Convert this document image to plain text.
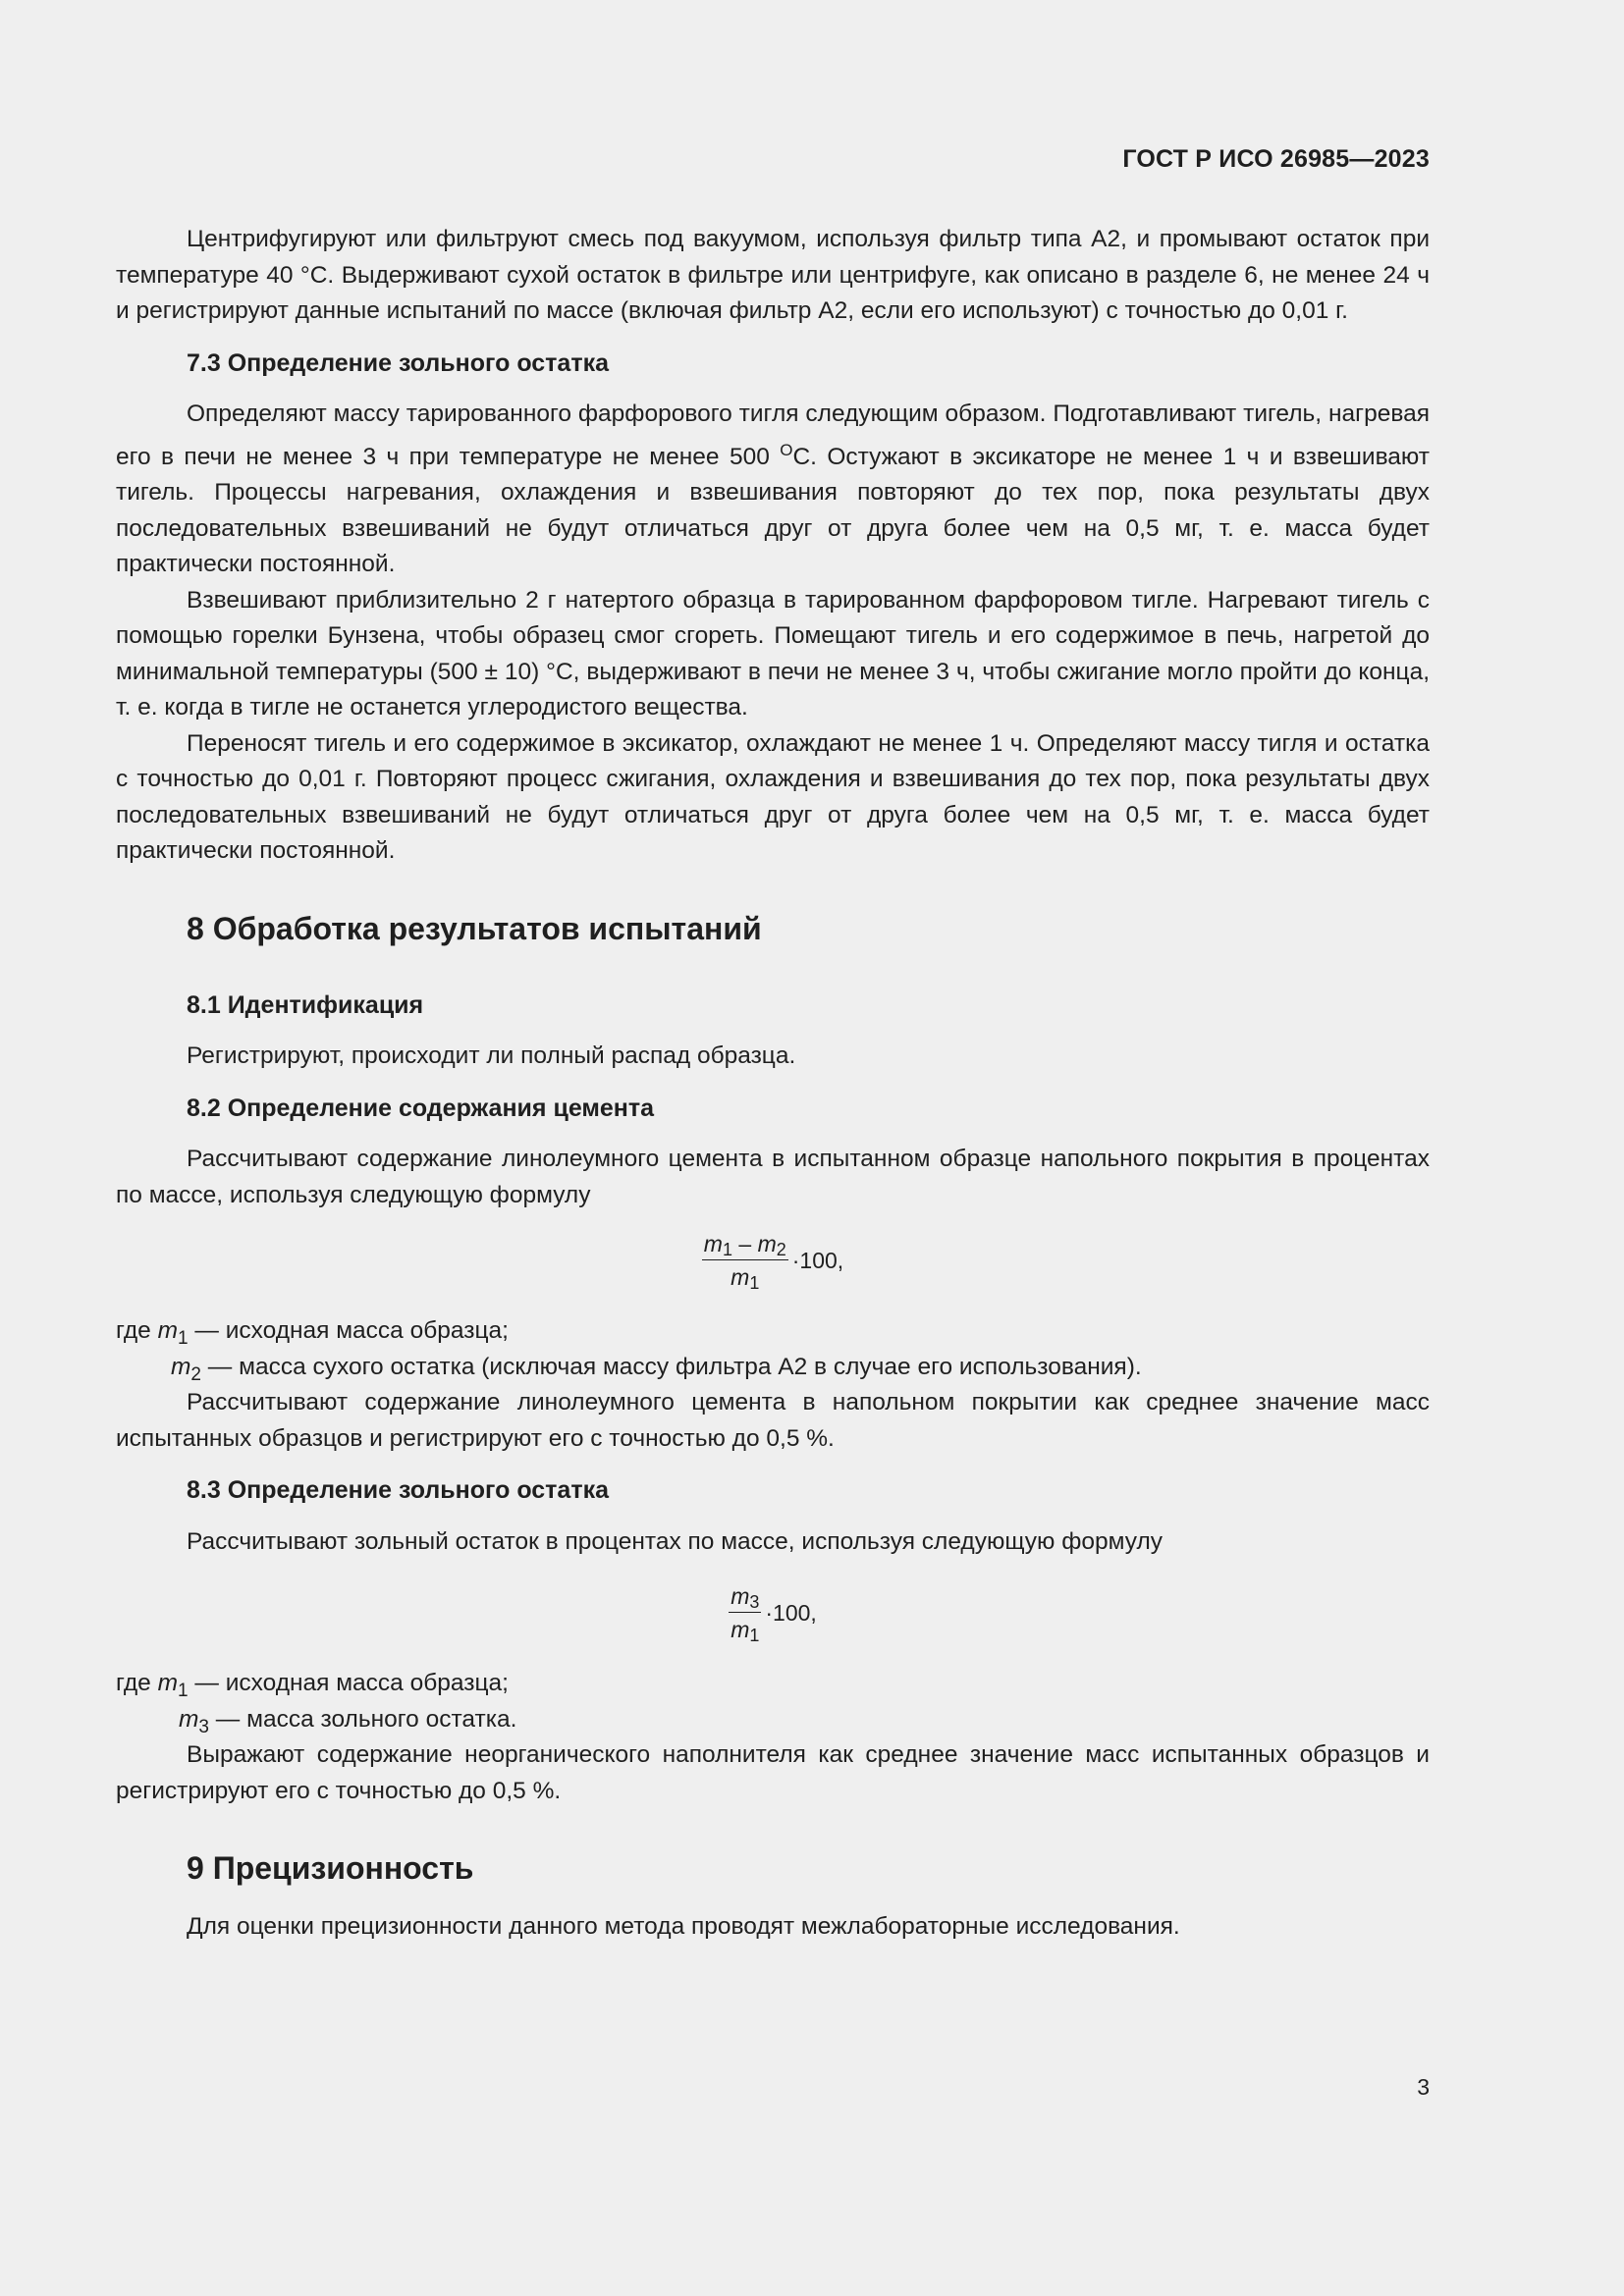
ГОСТ Р ИСО 26985—2023

Центрифугируют или фильтруют смесь под вакуумом, используя фильтр типа А2, и промывают остаток при температуре 40 °С. Выдерживают сухой остаток в фильтре или центрифуге, как описано в разделе 6, не менее 24 ч и регистрируют данные испытаний по массе (включая фильтр А2, если его используют) с точностью до 0,01 г.

7.3 Определение зольного остатка

Определяют массу тарированного фарфорового тигля следующим образом. Подготавливают тигель, нагревая его в печи не менее 3 ч при температуре не менее 500 $^О$С. Остужают в эксикаторе не менее 1 ч и взвешивают тигель. Процессы нагревания, охлаждения и взвешивания повторяют до тех пор, пока результаты двух последовательных взвешиваний не будут отличаться друг от друга более чем на 0,5 мг, т. е. масса будет практически постоянной.

Взвешивают приблизительно 2 г натертого образца в тарированном фарфоровом тигле. Нагревают тигель с помощью горелки Бунзена, чтобы образец смог сгореть. Помещают тигель и его содержимое в печь, нагретой до минимальной температуры (500 ± 10) °С, выдерживают в печи не менее 3 ч, чтобы сжигание могло пройти до конца, т. е. когда в тигле не останется углеродистого вещества.

Переносят тигель и его содержимое в эксикатор, охлаждают не менее 1 ч. Определяют массу тигля и остатка с точностью до 0,01 г. Повторяют процесс сжигания, охлаждения и взвешивания до тех пор, пока результаты двух последовательных взвешиваний не будут отличаться друг от друга более чем на 0,5 мг, т. е. масса будет практически постоянной.

8 Обработка результатов испытаний

8.1 Идентификация

Регистрируют, происходит ли полный распад образца.

8.2 Определение содержания цемента

Рассчитывают содержание линолеумного цемента в испытанном образце напольного покрытия в процентах по массе, используя следующую формулу

$\frac{m_1 - m_2}{m_1} \cdot 100$,

где $m_1$ — исходная масса образца;

$m_2$ — масса сухого остатка (исключая массу фильтра А2 в случае его использования).

Рассчитывают содержание линолеумного цемента в напольном покрытии как среднее значение масс испытанных образцов и регистрируют его с точностью до 0,5 %.

8.3 Определение зольного остатка

Рассчитывают зольный остаток в процентах по массе, используя следующую формулу

$\frac{m_3}{m_1} \cdot 100$,

где $m_1$ — исходная масса образца;

$m_3$ — масса зольного остатка.

Выражают содержание неорганического наполнителя как среднее значение масс испытанных образцов и регистрируют его с точностью до 0,5 %.

9 Прецизионность

Для оценки прецизионности данного метода проводят межлабораторные исследования.

3
